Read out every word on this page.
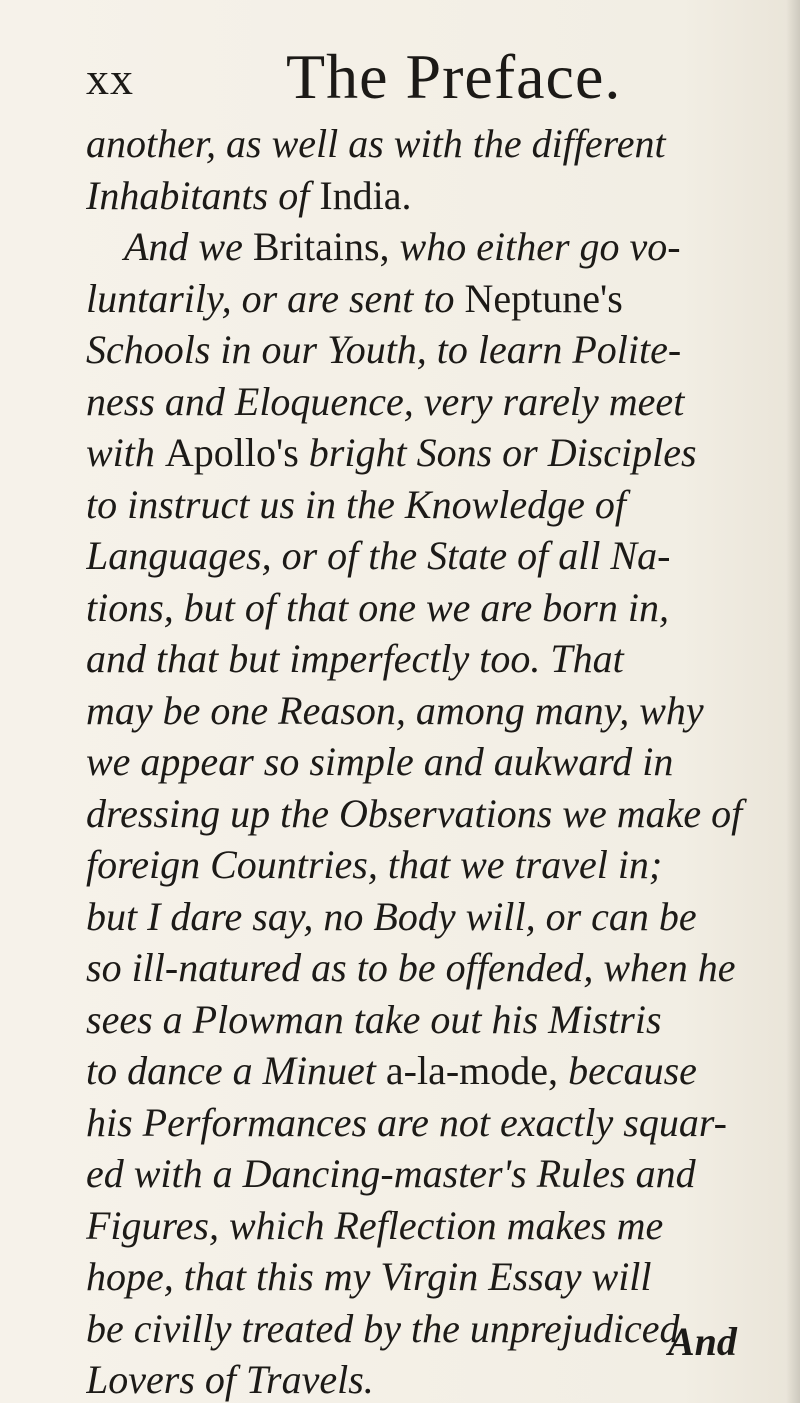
xx The Preface.
another, as well as with the different
Inhabitants of India.
And we Britains, who either go vo-
luntarily, or are sent to Neptune's
Schools in our Youth, to learn Polite-
ness and Eloquence, very rarely meet
with Apollo's bright Sons or Disciples
to instruct us in the Knowledge of
Languages, or of the State of all Na-
tions, but of that one we are born in,
and that but imperfectly too. That
may be one Reason, among many, why
we appear so simple and aukward in
dressing up the Observations we make of
foreign Countries, that we travel in;
but I dare say, no Body will, or can be
so ill-natured as to be offended, when he
sees a Plowman take out his Mistris
to dance a Minuet a-la-mode, because
his Performances are not exactly squar-
ed with a Dancing-master's Rules and
Figures, which Reflection makes me
hope, that this my Virgin Essay will
be civilly treated by the unprejudiced
Lovers of Travels.
And
